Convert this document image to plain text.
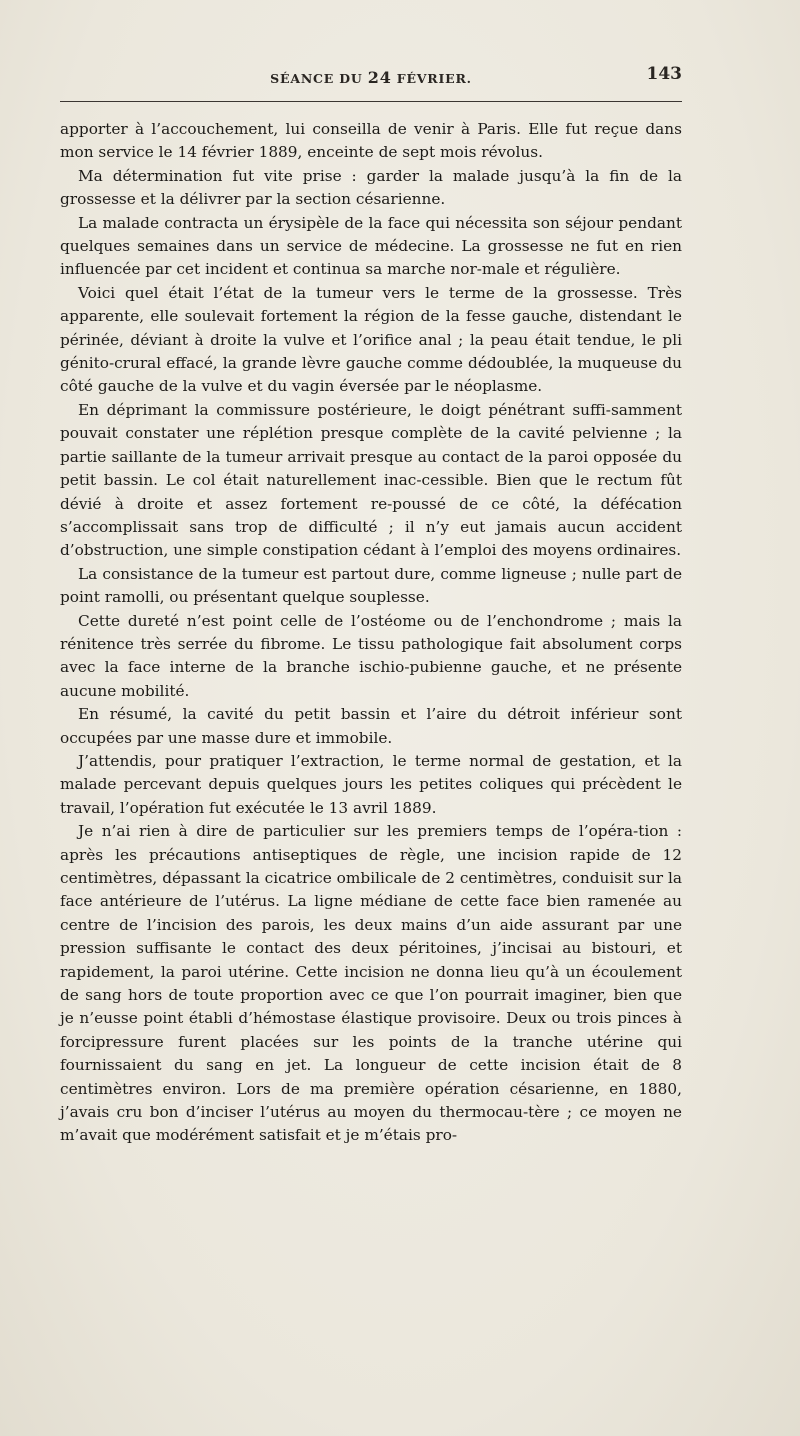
SÉANCE DU 24 FÉVRIER.	143

apporter à l’accouchement, lui conseilla de venir à Paris. Elle fut reçue dans mon service le 14 février 1889, enceinte de sept mois révolus.

Ma détermination fut vite prise : garder la malade jusqu’à la fin de la grossesse et la délivrer par la section césarienne.

La malade contracta un érysipèle de la face qui nécessita son séjour pendant quelques semaines dans un service de médecine. La grossesse ne fut en rien influencée par cet incident et continua sa marche nor-male et régulière.

Voici quel était l’état de la tumeur vers le terme de la grossesse. Très apparente, elle soulevait fortement la région de la fesse gauche, distendant le périnée, déviant à droite la vulve et l’orifice anal ; la peau était tendue, le pli génito-crural effacé, la grande lèvre gauche comme dédoublée, la muqueuse du côté gauche de la vulve et du vagin éversée par le néoplasme.

En déprimant la commissure postérieure, le doigt pénétrant suffi-samment pouvait constater une réplétion presque complète de la cavité pelvienne ; la partie saillante de la tumeur arrivait presque au contact de la paroi opposée du petit bassin. Le col était naturellement inac-cessible. Bien que le rectum fût dévié à droite et assez fortement re-poussé de ce côté, la défécation s’accomplissait sans trop de difficulté ; il n’y eut jamais aucun accident d’obstruction, une simple constipation cédant à l’emploi des moyens ordinaires.

La consistance de la tumeur est partout dure, comme ligneuse ; nulle part de point ramolli, ou présentant quelque souplesse.

Cette dureté n’est point celle de l’ostéome ou de l’enchondrome ; mais la rénitence très serrée du fibrome. Le tissu pathologique fait absolument corps avec la face interne de la branche ischio-pubienne gauche, et ne présente aucune mobilité.

En résumé, la cavité du petit bassin et l’aire du détroit inférieur sont occupées par une masse dure et immobile.

J’attendis, pour pratiquer l’extraction, le terme normal de gestation, et la malade percevant depuis quelques jours les petites coliques qui précèdent le travail, l’opération fut exécutée le 13 avril 1889.

Je n’ai rien à dire de particulier sur les premiers temps de l’opéra-tion : après les précautions antiseptiques de règle, une incision rapide de 12 centimètres, dépassant la cicatrice ombilicale de 2 centimètres, conduisit sur la face antérieure de l’utérus. La ligne médiane de cette face bien ramenée au centre de l’incision des parois, les deux mains d’un aide assurant par une pression suffisante le contact des deux péritoines, j’incisai au bistouri, et rapidement, la paroi utérine. Cette incision ne donna lieu qu’à un écoulement de sang hors de toute proportion avec ce que l’on pourrait imaginer, bien que je n’eusse point établi d’hémostase élastique provisoire. Deux ou trois pinces à forcipressure furent placées sur les points de la tranche utérine qui fournissaient du sang en jet. La longueur de cette incision était de 8 centimètres environ. Lors de ma première opération césarienne, en 1880, j’avais cru bon d’inciser l’utérus au moyen du thermocau-tère ; ce moyen ne m’avait que modérément satisfait et je m’étais pro-
